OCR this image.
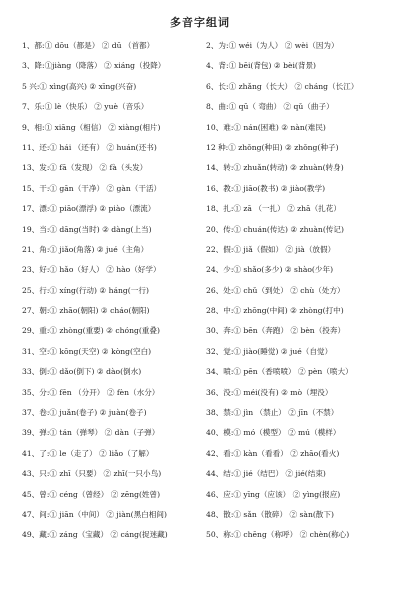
多音字组词
1、都:① dōu（都是） ② dū （首都）	2、为:① wéi（为人） ② wèi（因为）
3、降:①jiàng（降落） ② xiáng（投降）	4、背:① bēi(背包) ② bèi(背景)
5 兴:① xìng(高兴) ② xīng(兴奋)	6、长:① zhǎng（长大） ② cháng（长江）
7、乐:① lè（快乐） ② yuè（音乐）	8、曲:① qū（ 弯曲） ② qǔ（曲子）
9、相:① xiāng（相信） ② xiàng(相片)	10、难:① nán(困难) ② nàn(难民)
11、还:① hái （还有） ② huán(还书)	12 种:① zhǒng(种田) ② zhǒng(种子)
13、发:① fā（发现） ② fà（头发）	14、转:① zhuǎn(转动) ② zhuàn(转身)
15、干:① gān（干净） ② gàn（干活）	16、教:① jiāo(教书) ② jiào(教学)
17、漂:① piāo(漂浮) ② piào（漂流）	18、扎:① zā （一扎） ② zhā（扎花）
19、当:① dāng(当时) ② dàng(上当)	20、传:① chuán(传达) ② zhuàn(传记)
21、角:① jiǎo(角落) ② jué（主角）	22、假:① jiǎ（假如） ② jià（放假）
23、好:① hǎo（好人） ② hào（好学）	24、少:① shǎo(多少) ② shào(少年)
25、行:① xíng(行动) ② háng(一行)	26、处:① chǔ（到处） ② chù（处方）
27、朝:① zhāo(朝阳) ② cháo(朝阳)	28、中:① zhōng(中间) ② zhòng(打中)
29、重:① zhòng(重要) ② chóng(重叠)	30、奔:① bēn（奔跑） ② bèn（投奔）
31、空:① kōng(天空) ② kòng(空白)	32、觉:① jiào(睡觉) ② jué（自觉）
33、倒:① dǎo(倒下) ② dào(倒水)	34、喷:① pēn（香喷喷） ② pèn（喷大）
35、分:① fēn （分开） ② fèn（水分）	36、没:① méi(没有) ② mò（埋没）
37、卷:① juǎn(卷子) ② juàn(卷子)	38、禁:① jìn （禁止） ② jīn（不禁）
39、弹:① tán（弹琴） ② dàn（子弹）	40、模:① mó（模型） ② mú（模样）
41、了:① le（走了） ② liǎo（了解）	42、看:① kàn（看看） ② zhāo(看火)
43、只:① zhī（只要） ② zhī(一只小鸟)	44、结:① jié（结巴） ② jié(结束)
45、曾:① céng（曾经） ② zēng(姓曾)	46、应:① yīng（应该） ② yìng(报应)
47、间:① jiān（中间） ② jiàn(黑白相间)	48、散:① sǎn（散碎） ② sàn(散下)
49、藏:① záng（宝藏） ② cáng(捉迷藏)	50、称:① chēng（称呼） ② chèn(称心)
